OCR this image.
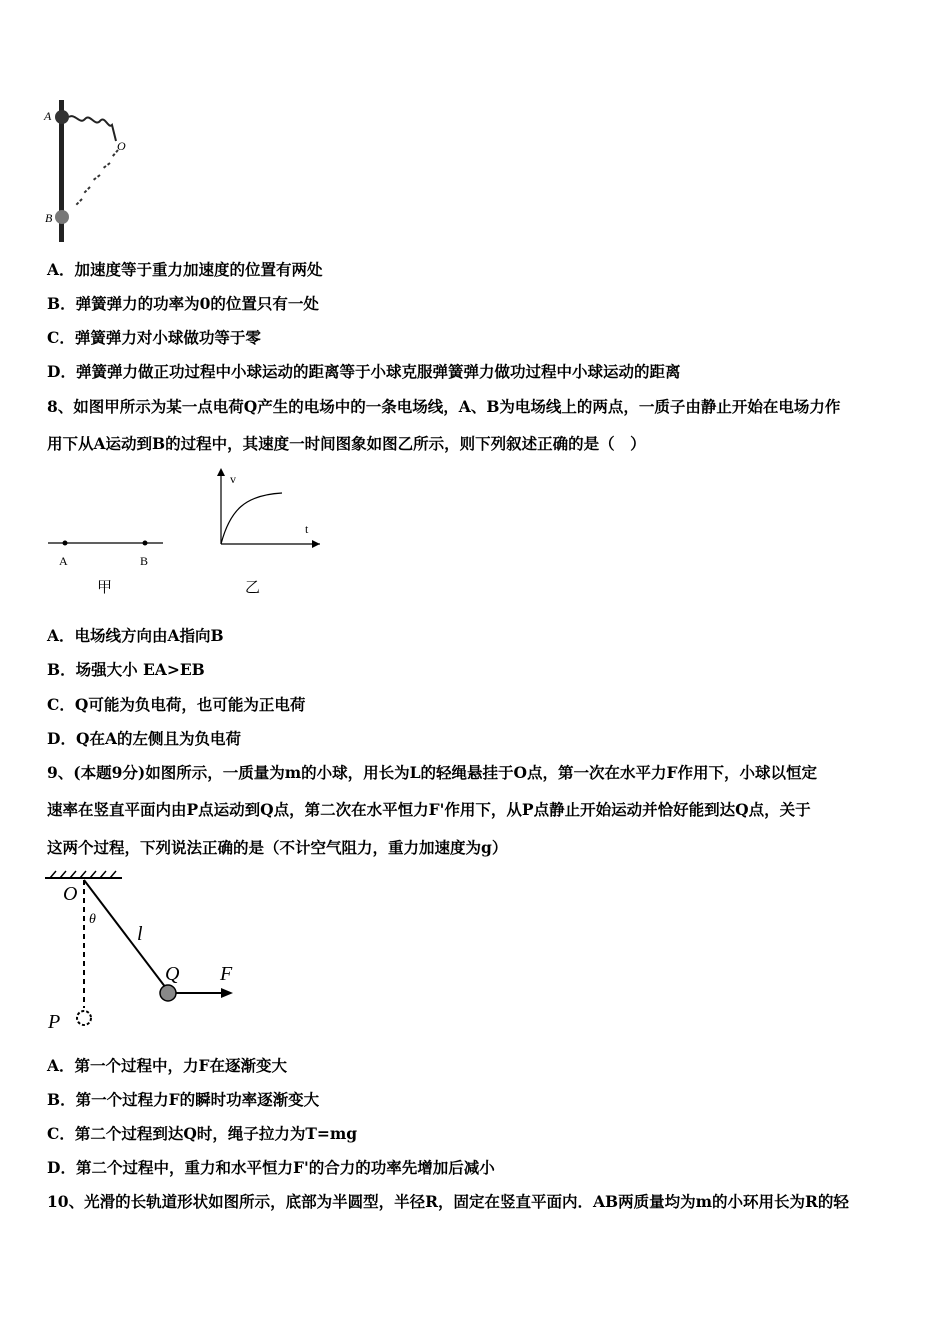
A
O
B
A．加速度等于重力加速度的位置有两处
B．弹簧弹力的功率为0的位置只有一处
C．弹簧弹力对小球做功等于零
D．弹簧弹力做正功过程中小球运动的距离等于小球克服弹簧弹力做功过程中小球运动的距离
8、如图甲所示为某一点电荷Q产生的电场中的一条电场线，A、B为电场线上的两点，一质子由静止开始在电场力作
用下从A运动到B的过程中，其速度一时间图象如图乙所示，则下列叙述正确的是（　）
A	B
甲
v
t
乙
A．电场线方向由A指向B
B．场强大小 EA>EB
C．Q可能为负电荷，也可能为正电荷
D．Q在A的左侧且为负电荷
9、(本题9分)如图所示，一质量为m的小球，用长为L的轻绳悬挂于O点，第一次在水平力F作用下，小球以恒定
速率在竖直平面内由P点运动到Q点，第二次在水平恒力F'作用下，从P点静止开始运动并恰好能到达Q点，关于
这两个过程，下列说法正确的是（不计空气阻力，重力加速度为g）
O
θ
l
Q F
P
A．第一个过程中，力F在逐渐变大
B．第一个过程力F的瞬时功率逐渐变大
C．第二个过程到达Q时，绳子拉力为T=mg
D．第二个过程中，重力和水平恒力F'的合力的功率先增加后减小
10、光滑的长轨道形状如图所示，底部为半圆型，半径R，固定在竖直平面内．AB两质量均为m的小环用长为R的轻
